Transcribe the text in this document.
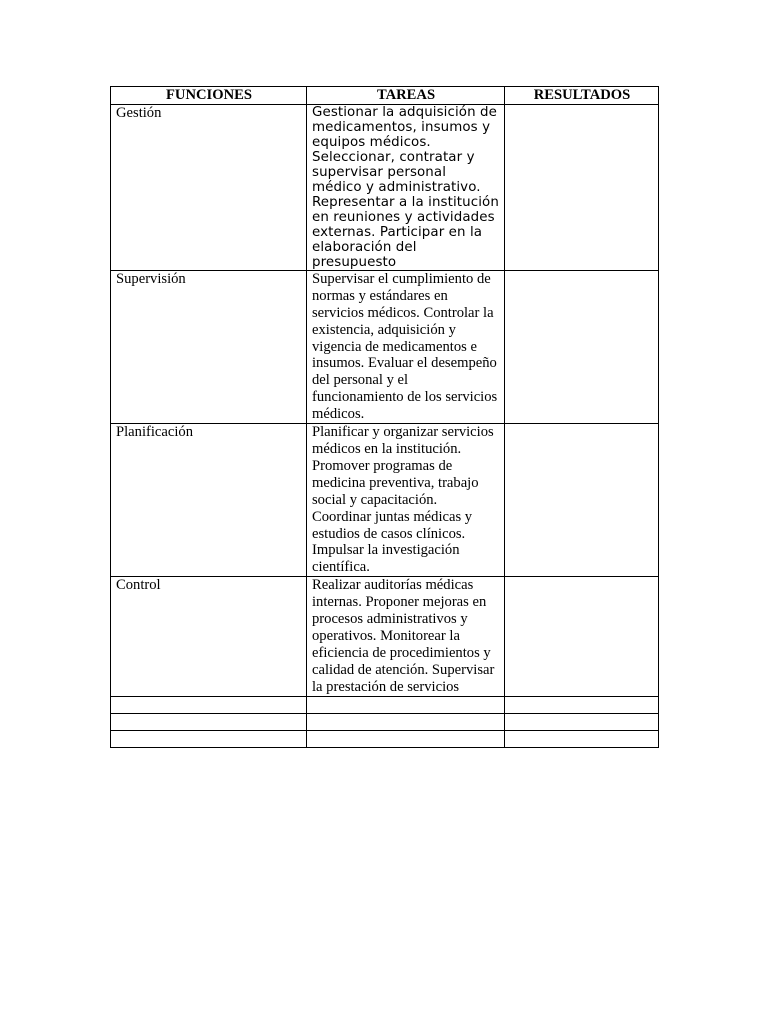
FUNCIONES	TAREAS	RESULTADOS
Gestión	Gestionar la adquisición de medicamentos, insumos y equipos médicos. Seleccionar, contratar y supervisar personal médico y administrativo. Representar a la institución en reuniones y actividades externas. Participar en la elaboración del presupuesto	
Supervisión	Supervisar el cumplimiento de normas y estándares en servicios médicos. Controlar la existencia, adquisición y vigencia de medicamentos e insumos. Evaluar el desempeño del personal y el funcionamiento de los servicios médicos.	
Planificación	Planificar y organizar servicios médicos en la institución. Promover programas de medicina preventiva, trabajo social y capacitación. Coordinar juntas médicas y estudios de casos clínicos. Impulsar la investigación científica.	
Control	Realizar auditorías médicas internas. Proponer mejoras en procesos administrativos y operativos. Monitorear la eficiencia de procedimientos y calidad de atención. Supervisar la prestación de servicios	
